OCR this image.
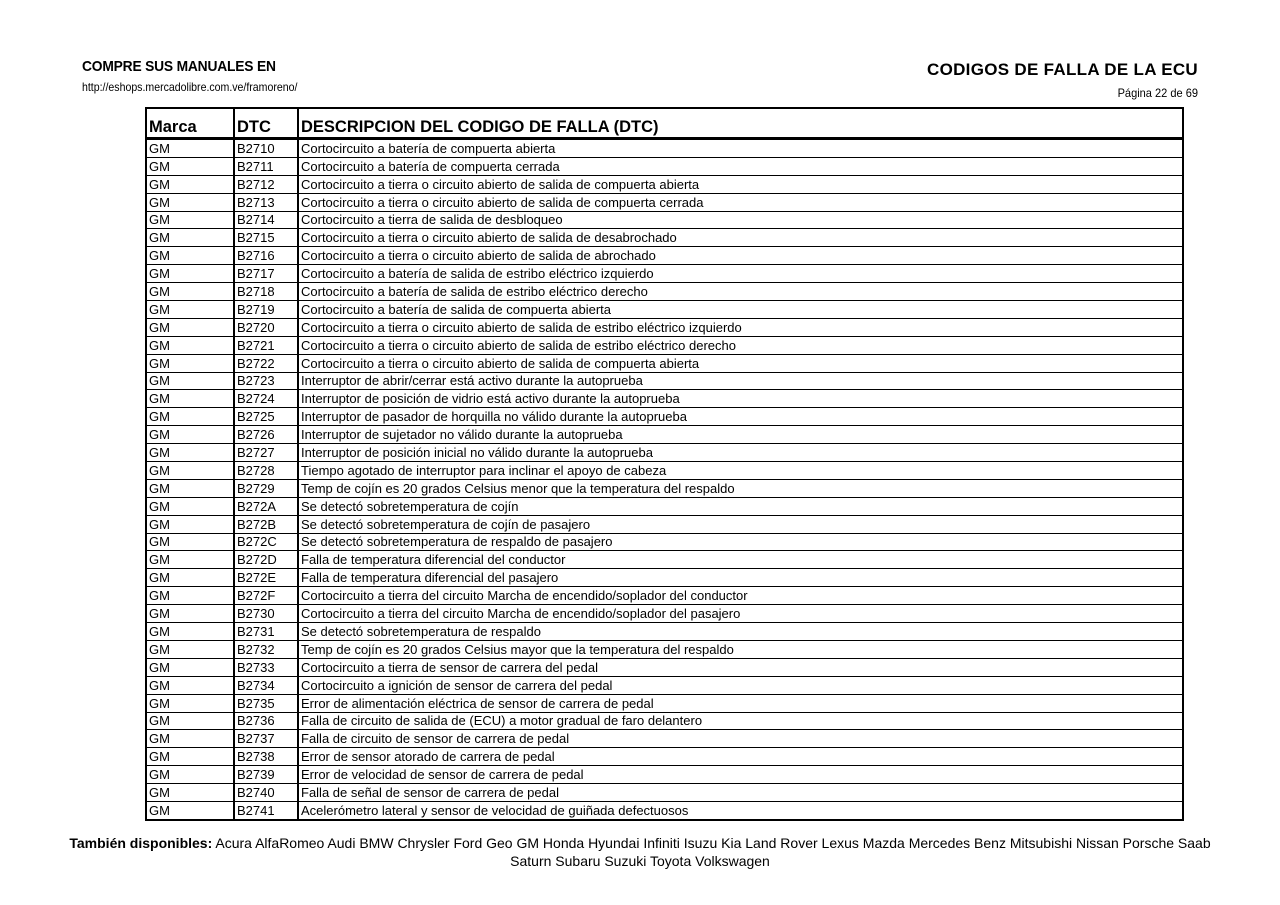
COMPRE SUS MANUALES EN
http://eshops.mercadolibre.com.ve/framoreno/
CODIGOS DE FALLA DE LA ECU
Página 22 de 69
Marca	DTC	DESCRIPCION DEL CODIGO DE FALLA (DTC)
GM	B2710	Cortocircuito a batería de compuerta abierta
GM	B2711	Cortocircuito a batería de compuerta cerrada
GM	B2712	Cortocircuito a tierra o circuito abierto de salida de compuerta abierta
GM	B2713	Cortocircuito a tierra o circuito abierto de salida de compuerta cerrada
GM	B2714	Cortocircuito a tierra de salida de desbloqueo
GM	B2715	Cortocircuito a tierra o circuito abierto de salida de desabrochado
GM	B2716	Cortocircuito a tierra o circuito abierto de salida de abrochado
GM	B2717	Cortocircuito a batería de salida de estribo eléctrico izquierdo
GM	B2718	Cortocircuito a batería de salida de estribo eléctrico derecho
GM	B2719	Cortocircuito a batería de salida de compuerta abierta
GM	B2720	Cortocircuito a tierra o circuito abierto de salida de estribo eléctrico izquierdo
GM	B2721	Cortocircuito a tierra o circuito abierto de salida de estribo eléctrico derecho
GM	B2722	Cortocircuito a tierra o circuito abierto de salida de compuerta abierta
GM	B2723	Interruptor de abrir/cerrar está activo durante la autoprueba
GM	B2724	Interruptor de posición de vidrio está activo durante la autoprueba
GM	B2725	Interruptor de pasador de horquilla no válido durante la autoprueba
GM	B2726	Interruptor de sujetador no válido durante la autoprueba
GM	B2727	Interruptor de posición inicial no válido durante la autoprueba
GM	B2728	Tiempo agotado de interruptor para inclinar el apoyo de cabeza
GM	B2729	Temp de cojín es 20 grados Celsius menor que la temperatura del respaldo
GM	B272A	Se detectó sobretemperatura de cojín
GM	B272B	Se detectó sobretemperatura de cojín de pasajero
GM	B272C	Se detectó sobretemperatura de respaldo de pasajero
GM	B272D	Falla de temperatura diferencial del conductor
GM	B272E	Falla de temperatura diferencial del pasajero
GM	B272F	Cortocircuito a tierra del circuito Marcha de encendido/soplador del conductor
GM	B2730	Cortocircuito a tierra del circuito Marcha de encendido/soplador del pasajero
GM	B2731	Se detectó sobretemperatura de respaldo
GM	B2732	Temp de cojín es 20 grados Celsius mayor que la temperatura del respaldo
GM	B2733	Cortocircuito a tierra de sensor de carrera del pedal
GM	B2734	Cortocircuito a ignición de sensor de carrera del pedal
GM	B2735	Error de alimentación eléctrica de sensor de carrera de pedal
GM	B2736	Falla de circuito de salida de (ECU) a motor gradual de faro delantero
GM	B2737	Falla de circuito de sensor de carrera de pedal
GM	B2738	Error de sensor atorado de carrera de pedal
GM	B2739	Error de velocidad de sensor de carrera de pedal
GM	B2740	Falla de señal de sensor de carrera de pedal
GM	B2741	Acelerómetro lateral y sensor de velocidad de guiñada defectuosos
También disponibles: Acura AlfaRomeo Audi BMW Chrysler Ford Geo GM Honda Hyundai Infiniti Isuzu Kia Land Rover Lexus Mazda Mercedes Benz Mitsubishi Nissan Porsche Saab Saturn Subaru Suzuki Toyota Volkswagen
